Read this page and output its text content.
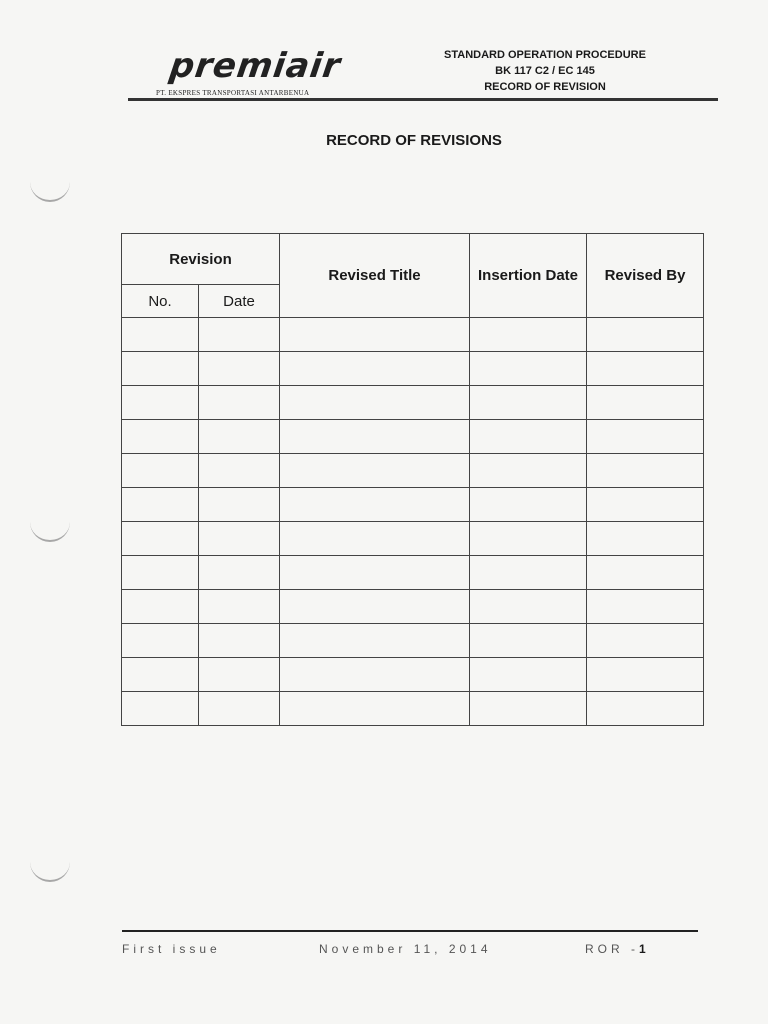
premiair
PT. EKSPRES TRANSPORTASI ANTARBENUA
STANDARD OPERATION PROCEDURE
BK 117 C2 / EC 145
RECORD OF REVISION
RECORD OF REVISIONS
Revision		Revised Title	Insertion Date	Revised By
No.	Date			

First issue	November 11, 2014	ROR -1
